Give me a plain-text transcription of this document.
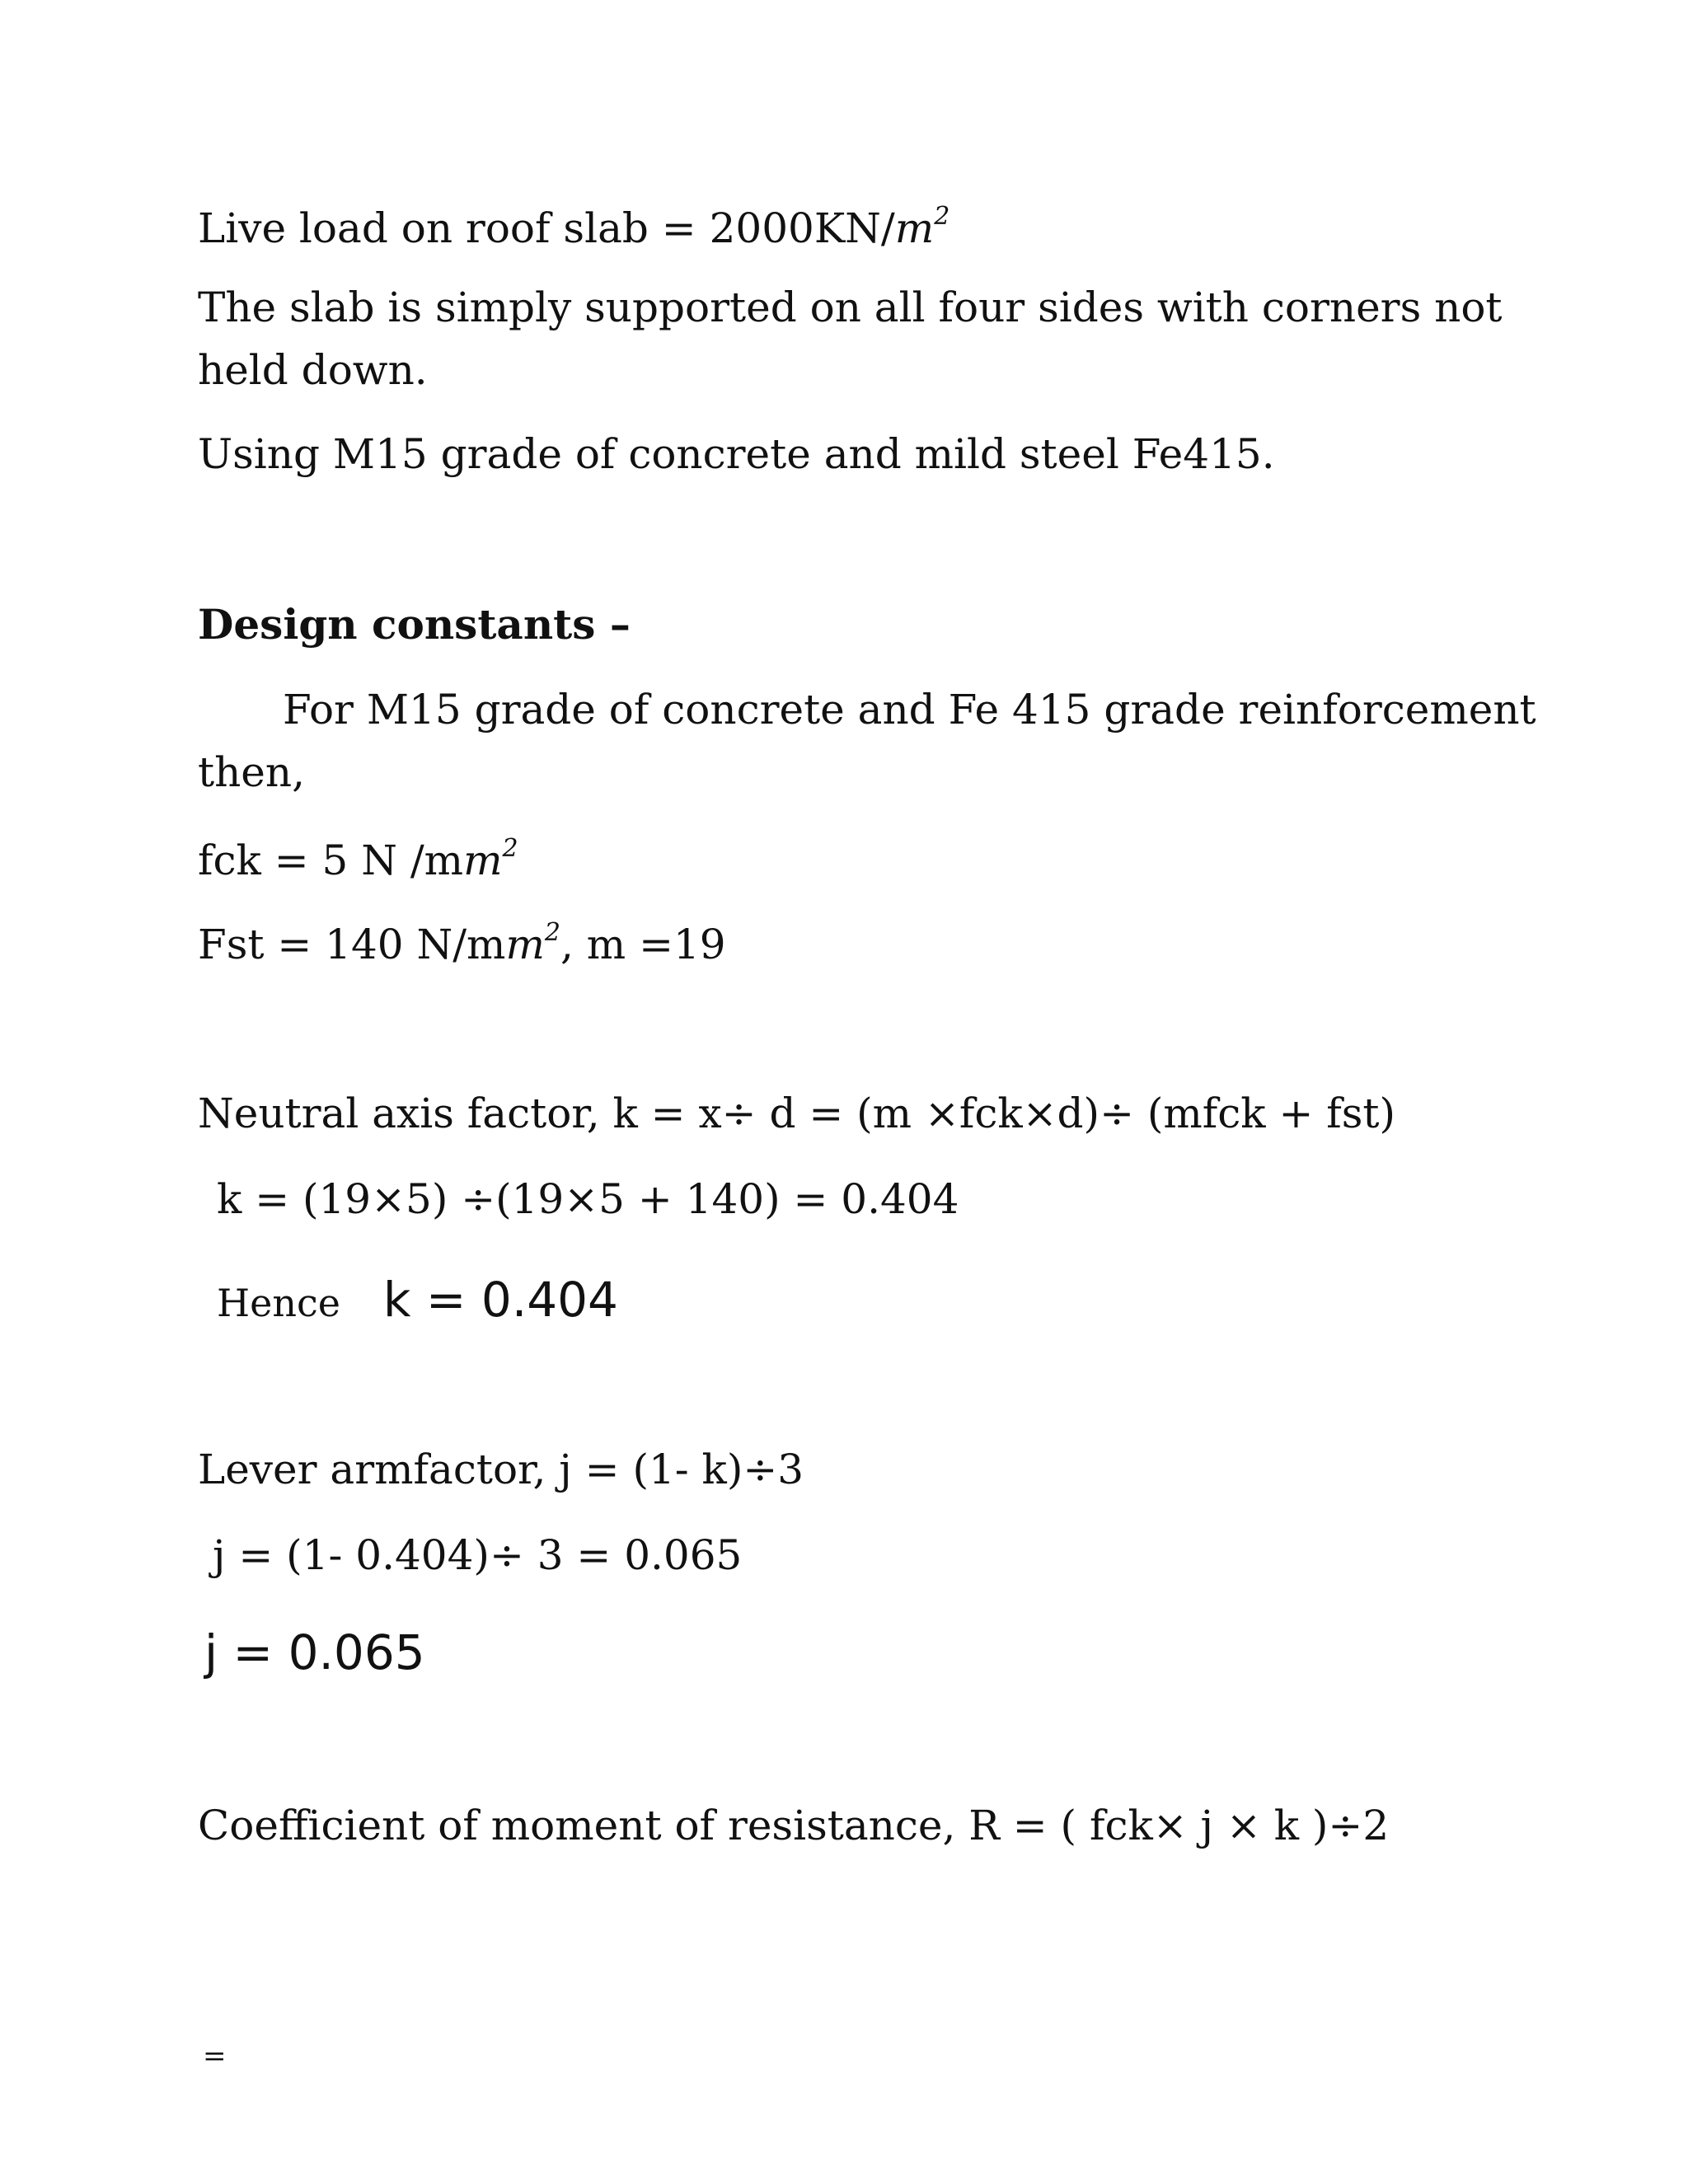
Live load on roof slab = $2000KN/m^2$
The slab is simply supported on all four sides with corners not
held down.
Using M15 grade of concrete and mild steel Fe415.
Design constants –
For M15 grade of concrete and Fe 415 grade reinforcement
then,
fck = 5 N $/mm^2$
Fst = 140 $N/mm^2$, m =19
Neutral axis factor, k = x÷ d = (m ×fck×d)÷ (mfck + fst)
k = (19×5) ÷(19×5 + 140) = 0.404
Hence k = 0.404
Lever armfactor, j = (1- k)÷3
j = (1- 0.404)÷ 3 = 0.065
j = 0.065
Coefficient of moment of resistance, R = ( fck× j × k )÷2
=
